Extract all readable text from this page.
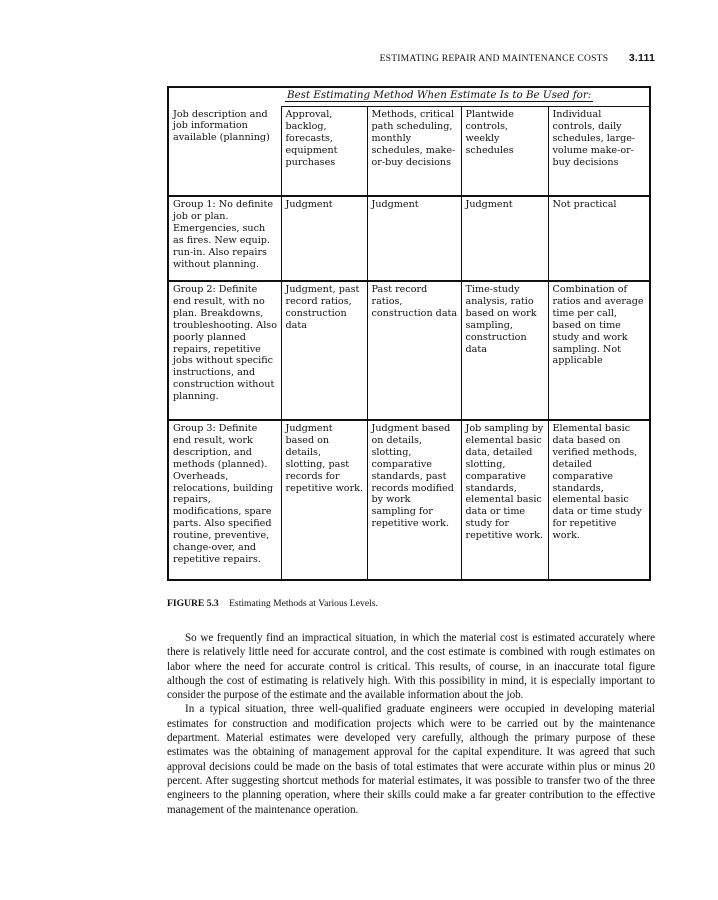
ESTIMATING REPAIR AND MAINTENANCE COSTS 3.111
	Best Estimating Method When Estimate Is to Be Used for:			
Job description and job information available (planning)	Approval, backlog, forecasts, equipment purchases	Methods, critical path scheduling, monthly schedules, make-or-buy decisions	Plantwide controls, weekly schedules	Individual controls, daily schedules, large-volume make-or-buy decisions
Group 1: No definite job or plan. Emergencies, such as fires. New equip. run-in. Also repairs without planning.	Judgment	Judgment	Judgment	Not practical
Group 2: Definite end result, with no plan. Breakdowns, troubleshooting. Also poorly planned repairs, repetitive jobs without specific instructions, and construction without planning.	Judgment, past record ratios, construction data	Past record ratios, construction data	Time-study analysis, ratio based on work sampling, construction data	Combination of ratios and average time per call, based on time study and work sampling. Not applicable
Group 3: Definite end result, work description, and methods (planned). Overheads, relocations, building repairs, modifications, spare parts. Also specified routine, preventive, change-over, and repetitive repairs.	Judgment based on details, slotting, past records for repetitive work.	Judgment based on details, slotting, comparative standards, past records modified by work sampling for repetitive work.	Job sampling by elemental basic data, detailed slotting, comparative standards, elemental basic data or time study for repetitive work.	Elemental basic data based on verified methods, detailed comparative standards, elemental basic data or time study for repetitive work.
FIGURE 5.3 Estimating Methods at Various Levels.

So we frequently find an impractical situation, in which the material cost is estimated accurately where there is relatively little need for accurate control, and the cost estimate is combined with rough estimates on labor where the need for accurate control is critical. This results, of course, in an inaccurate total figure although the cost of estimating is relatively high. With this possibility in mind, it is especially important to consider the purpose of the estimate and the available information about the job.

In a typical situation, three well-qualified graduate engineers were occupied in developing material estimates for construction and modification projects which were to be carried out by the maintenance department. Material estimates were developed very carefully, although the primary purpose of these estimates was the obtaining of management approval for the capital expenditure. It was agreed that such approval decisions could be made on the basis of total estimates that were accurate within plus or minus 20 percent. After suggesting shortcut methods for material estimates, it was possible to transfer two of the three engineers to the planning operation, where their skills could make a far greater contribution to the effective management of the maintenance operation.
